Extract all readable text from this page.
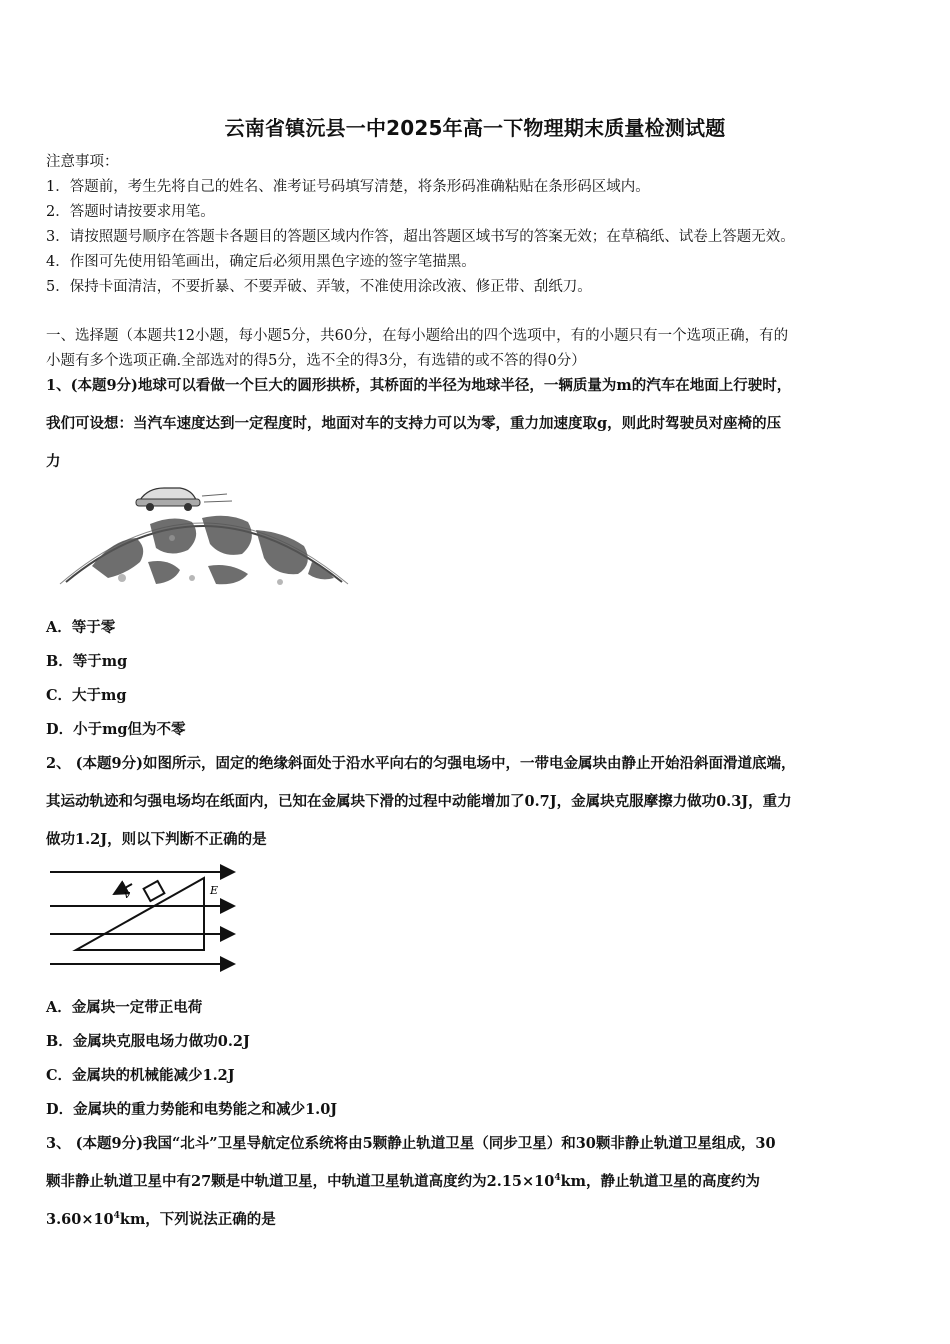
云南省镇沅县一中2025年高一下物理期末质量检测试题
注意事项：
1．答题前，考生先将自己的姓名、准考证号码填写清楚，将条形码准确粘贴在条形码区域内。
2．答题时请按要求用笔。
3．请按照题号顺序在答题卡各题目的答题区域内作答，超出答题区域书写的答案无效；在草稿纸、试卷上答题无效。
4．作图可先使用铅笔画出，确定后必须用黑色字迹的签字笔描黑。
5．保持卡面清洁，不要折暴、不要弄破、弄皱，不准使用涂改液、修正带、刮纸刀。
一、选择题（本题共12小题，每小题5分，共60分，在每小题给出的四个选项中，有的小题只有一个选项正确，有的
小题有多个选项正确.全部选对的得5分，选不全的得3分，有选错的或不答的得0分）
1、(本题9分)地球可以看做一个巨大的圆形拱桥，其桥面的半径为地球半径，一辆质量为m的汽车在地面上行驶时，
我们可设想：当汽车速度达到一定程度时，地面对车的支持力可以为零，重力加速度取g，则此时驾驶员对座椅的压
力
A．等于零
B．等于mg
C．大于mg
D．小于mg但为不零
2、 (本题9分)如图所示，固定的绝缘斜面处于沿水平向右的匀强电场中，一带电金属块由静止开始沿斜面滑道底端，
其运动轨迹和匀强电场均在纸面内，已知在金属块下滑的过程中动能增加了0.7J，金属块克服摩擦力做功0.3J，重力
做功1.2J，则以下判断不正确的是
v	E
A．金属块一定带正电荷
B．金属块克服电场力做功0.2J
C．金属块的机械能减少1.2J
D．金属块的重力势能和电势能之和减少1.0J
3、 (本题9分)我国“北斗”卫星导航定位系统将由5颗静止轨道卫星（同步卫星）和30颗非静止轨道卫星组成，30
颗非静止轨道卫星中有27颗是中轨道卫星，中轨道卫星轨道高度约为$2.15\times 10^4km$，静止轨道卫星的高度约为
$3.60\times 10^4km$，下列说法正确的是
